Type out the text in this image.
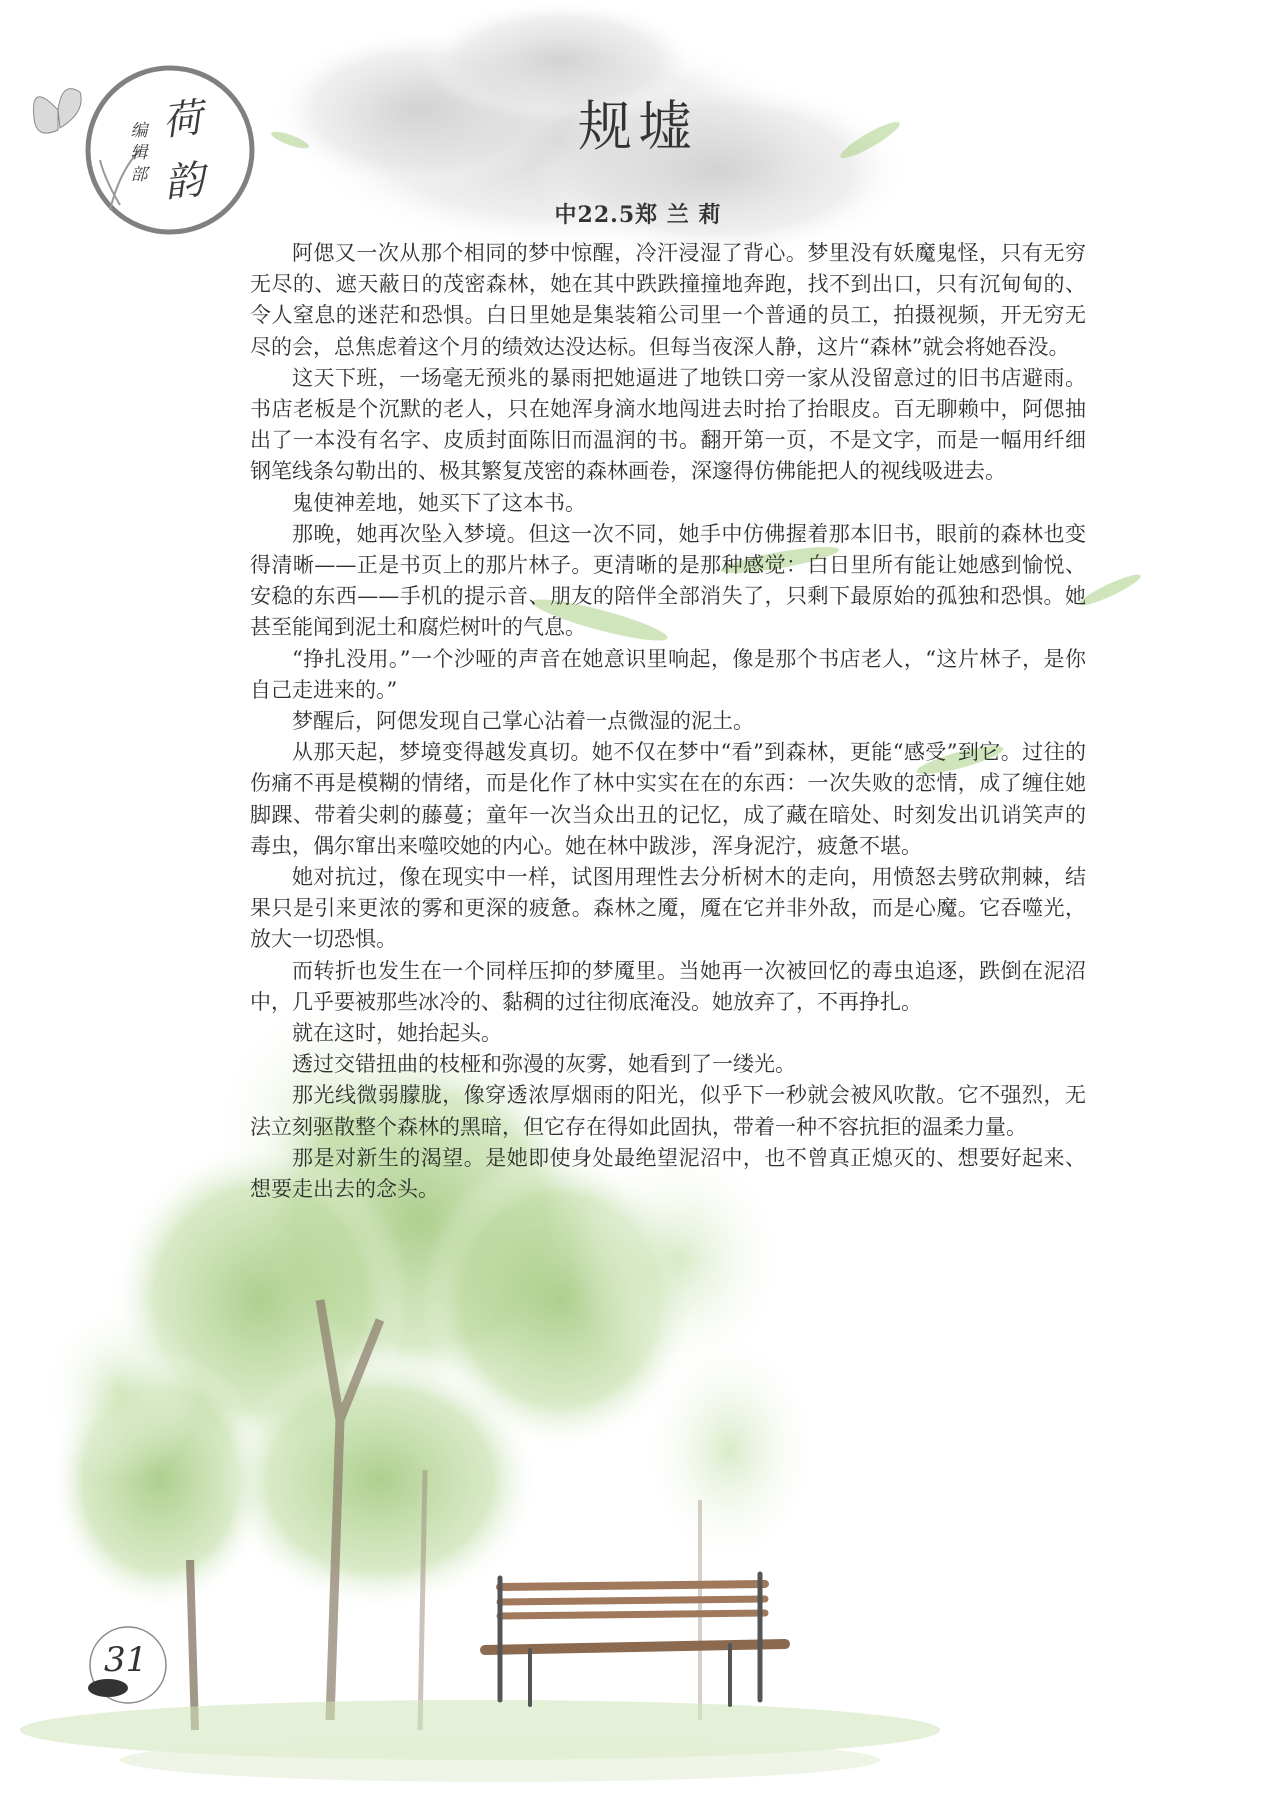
荷
韵
编辑部
规墟
中22.5郑 兰 莉

阿偲又一次从那个相同的梦中惊醒，冷汗浸湿了背心。梦里没有妖魔鬼怪，只有无穷无尽的、遮天蔽日的茂密森林，她在其中跌跌撞撞地奔跑，找不到出口，只有沉甸甸的、令人窒息的迷茫和恐惧。白日里她是集装箱公司里一个普通的员工，拍摄视频，开无穷无尽的会，总焦虑着这个月的绩效达没达标。但每当夜深人静，这片“森林”就会将她吞没。

这天下班，一场毫无预兆的暴雨把她逼进了地铁口旁一家从没留意过的旧书店避雨。书店老板是个沉默的老人，只在她浑身滴水地闯进去时抬了抬眼皮。百无聊赖中，阿偲抽出了一本没有名字、皮质封面陈旧而温润的书。翻开第一页，不是文字，而是一幅用纤细钢笔线条勾勒出的、极其繁复茂密的森林画卷，深邃得仿佛能把人的视线吸进去。

鬼使神差地，她买下了这本书。

那晚，她再次坠入梦境。但这一次不同，她手中仿佛握着那本旧书，眼前的森林也变得清晰——正是书页上的那片林子。更清晰的是那种感觉：白日里所有能让她感到愉悦、安稳的东西——手机的提示音、朋友的陪伴全部消失了，只剩下最原始的孤独和恐惧。她甚至能闻到泥土和腐烂树叶的气息。

“挣扎没用。”一个沙哑的声音在她意识里响起，像是那个书店老人，“这片林子，是你自己走进来的。”

梦醒后，阿偲发现自己掌心沾着一点微湿的泥土。

从那天起，梦境变得越发真切。她不仅在梦中“看”到森林，更能“感受”到它。过往的伤痛不再是模糊的情绪，而是化作了林中实实在在的东西：一次失败的恋情，成了缠住她脚踝、带着尖刺的藤蔓；童年一次当众出丑的记忆，成了藏在暗处、时刻发出讥诮笑声的毒虫，偶尔窜出来噬咬她的内心。她在林中跋涉，浑身泥泞，疲惫不堪。

她对抗过，像在现实中一样，试图用理性去分析树木的走向，用愤怒去劈砍荆棘，结果只是引来更浓的雾和更深的疲惫。森林之魇，魇在它并非外敌，而是心魔。它吞噬光，放大一切恐惧。

而转折也发生在一个同样压抑的梦魇里。当她再一次被回忆的毒虫追逐，跌倒在泥沼中，几乎要被那些冰冷的、黏稠的过往彻底淹没。她放弃了，不再挣扎。

就在这时，她抬起头。

透过交错扭曲的枝桠和弥漫的灰雾，她看到了一缕光。

那光线微弱朦胧，像穿透浓厚烟雨的阳光，似乎下一秒就会被风吹散。它不强烈，无法立刻驱散整个森林的黑暗，但它存在得如此固执，带着一种不容抗拒的温柔力量。

那是对新生的渴望。是她即使身处最绝望泥沼中，也不曾真正熄灭的、想要好起来、想要走出去的念头。

31
